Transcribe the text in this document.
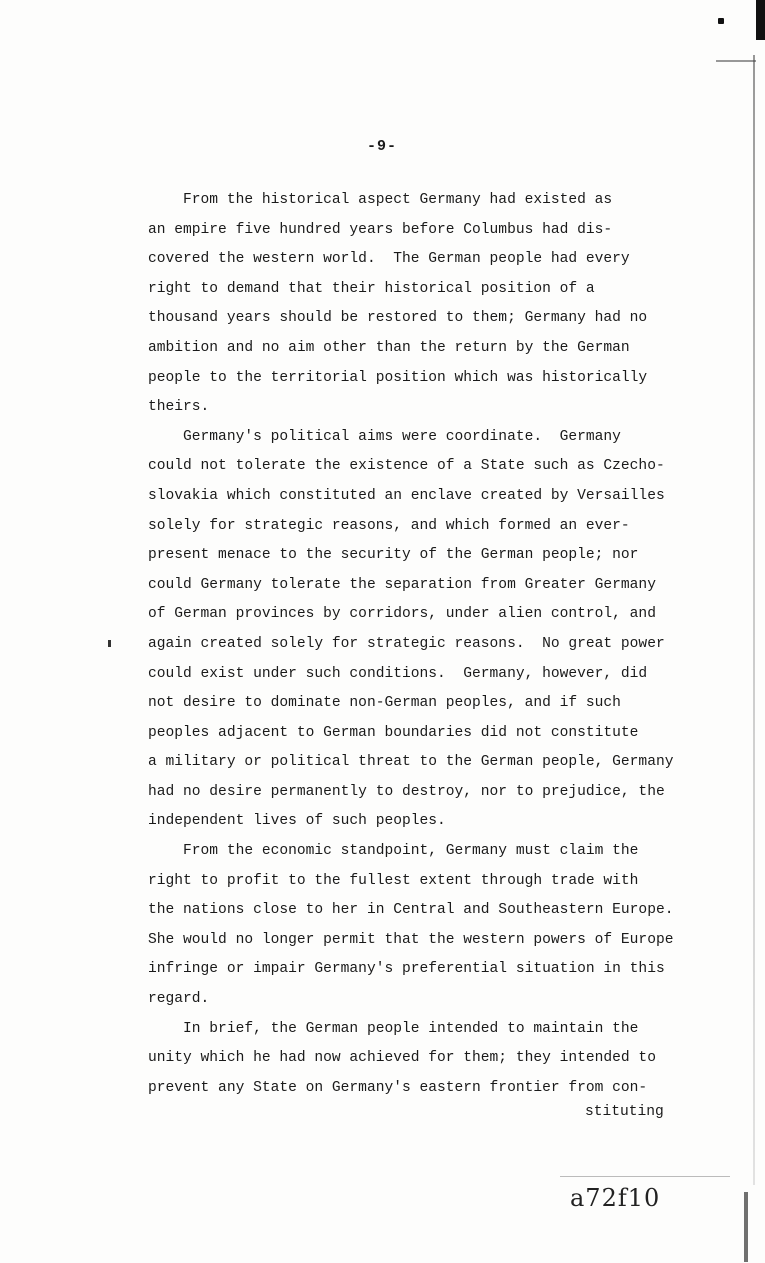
-9-
From the historical aspect Germany had existed as
an empire five hundred years before Columbus had dis-
covered the western world.  The German people had every
right to demand that their historical position of a
thousand years should be restored to them; Germany had no
ambition and no aim other than the return by the German
people to the territorial position which was historically
theirs.
Germany's political aims were coordinate.  Germany
could not tolerate the existence of a State such as Czecho-
slovakia which constituted an enclave created by Versailles
solely for strategic reasons, and which formed an ever-
present menace to the security of the German people; nor
could Germany tolerate the separation from Greater Germany
of German provinces by corridors, under alien control, and
again created solely for strategic reasons.  No great power
could exist under such conditions.  Germany, however, did
not desire to dominate non-German peoples, and if such
peoples adjacent to German boundaries did not constitute
a military or political threat to the German people, Germany
had no desire permanently to destroy, nor to prejudice, the
independent lives of such peoples.
From the economic standpoint, Germany must claim the
right to profit to the fullest extent through trade with
the nations close to her in Central and Southeastern Europe.
She would no longer permit that the western powers of Europe
infringe or impair Germany's preferential situation in this
regard.
In brief, the German people intended to maintain the
unity which he had now achieved for them; they intended to
prevent any State on Germany's eastern frontier from con-
stituting
a72f10
